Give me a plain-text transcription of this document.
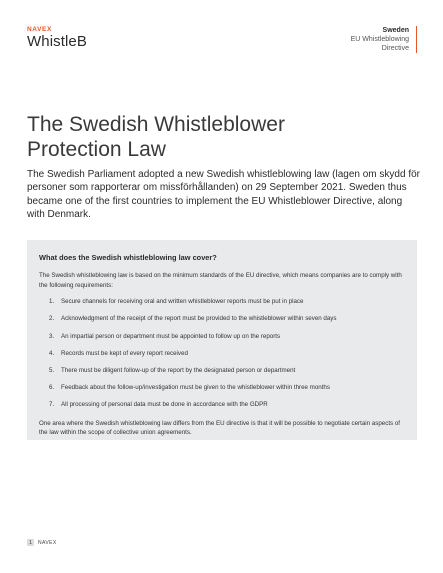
NAVEX
WhistleB
Sweden
EU Whistleblowing
Directive
The Swedish Whistleblower
Protection Law

The Swedish Parliament adopted a new Swedish whistleblowing law (lagen om skydd för personer som rapporterar om missförhållanden) on 29 September 2021. Sweden thus became one of the first countries to implement the EU Whistleblower Directive, along with Denmark.

What does the Swedish whistleblowing law cover?

The Swedish whistleblowing law is based on the minimum standards of the EU directive, which means companies are to comply with the following requirements:

1.	Secure channels for receiving oral and written whistleblower reports must be put in place
2.	Acknowledgment of the receipt of the report must be provided to the whistleblower within seven days
3.	An impartial person or department must be appointed to follow up on the reports
4.	Records must be kept of every report received
5.	There must be diligent follow-up of the report by the designated person or department
6.	Feedback about the follow-up/investigation must be given to the whistleblower within three months
7.	All processing of personal data must be done in accordance with the GDPR

One area where the Swedish whistleblowing law differs from the EU directive is that it will be possible to negotiate certain aspects of the law within the scope of collective union agreements.

1	NAVEX
